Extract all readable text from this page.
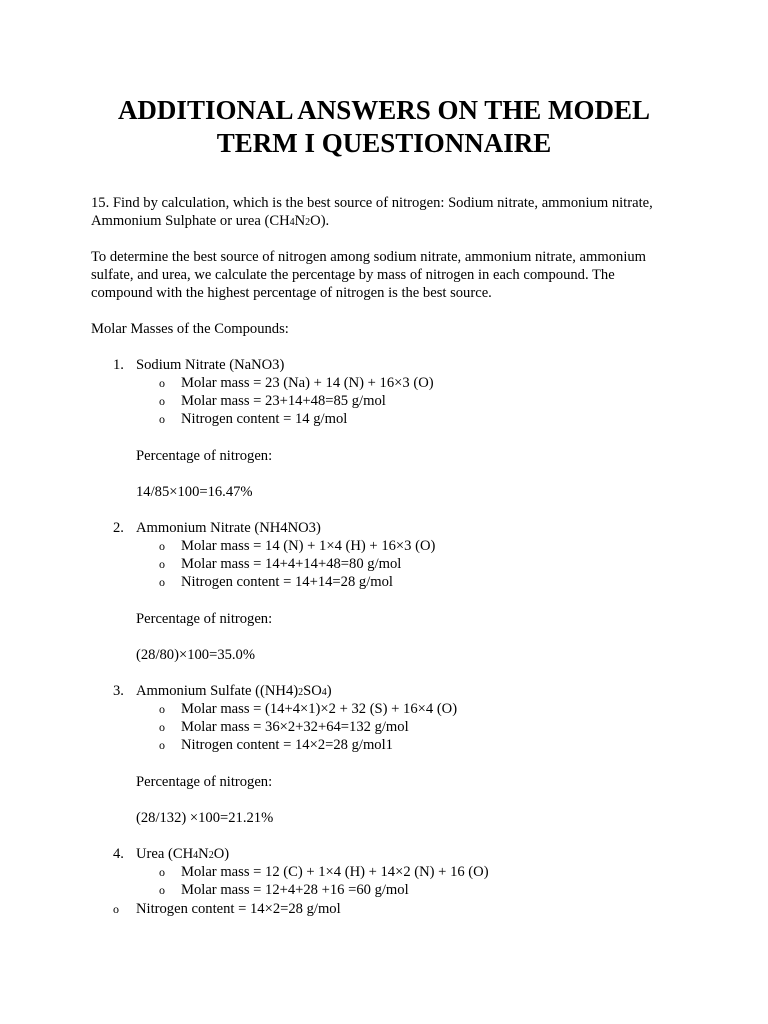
ADDITIONAL ANSWERS ON THE MODEL
TERM I QUESTIONNAIRE

15. Find by calculation, which is the best source of nitrogen: Sodium nitrate, ammonium nitrate,

Ammonium Sulphate or urea (CH4N2O).

To determine the best source of nitrogen among sodium nitrate, ammonium nitrate, ammonium

sulfate, and urea, we calculate the percentage by mass of nitrogen in each compound. The

compound with the highest percentage of nitrogen is the best source.

Molar Masses of the Compounds:

1. Sodium Nitrate (NaNO3)

o Molar mass = 23 (Na) + 14 (N) + 16×3 (O)

o Molar mass = 23+14+48=85 g/mol

o Nitrogen content = 14 g/mol

Percentage of nitrogen:

14/85×100=16.47%

2. Ammonium Nitrate (NH4NO3)

o Molar mass = 14 (N) + 1×4 (H) + 16×3 (O)

o Molar mass = 14+4+14+48=80 g/mol

o Nitrogen content = 14+14=28 g/mol

Percentage of nitrogen:

(28/80)×100=35.0%

3. Ammonium Sulfate ((NH4)2SO4)

o Molar mass = (14+4×1)×2 + 32 (S) + 16×4 (O)

o Molar mass = 36×2+32+64=132 g/mol

o Nitrogen content = 14×2=28 g/mol1

Percentage of nitrogen:

(28/132) ×100=21.21%

4. Urea (CH4N2O)

o Molar mass = 12 (C) + 1×4 (H) + 14×2 (N) + 16 (O)

o Molar mass = 12+4+28 +16 =60 g/mol

o Nitrogen content = 14×2=28 g/mol
